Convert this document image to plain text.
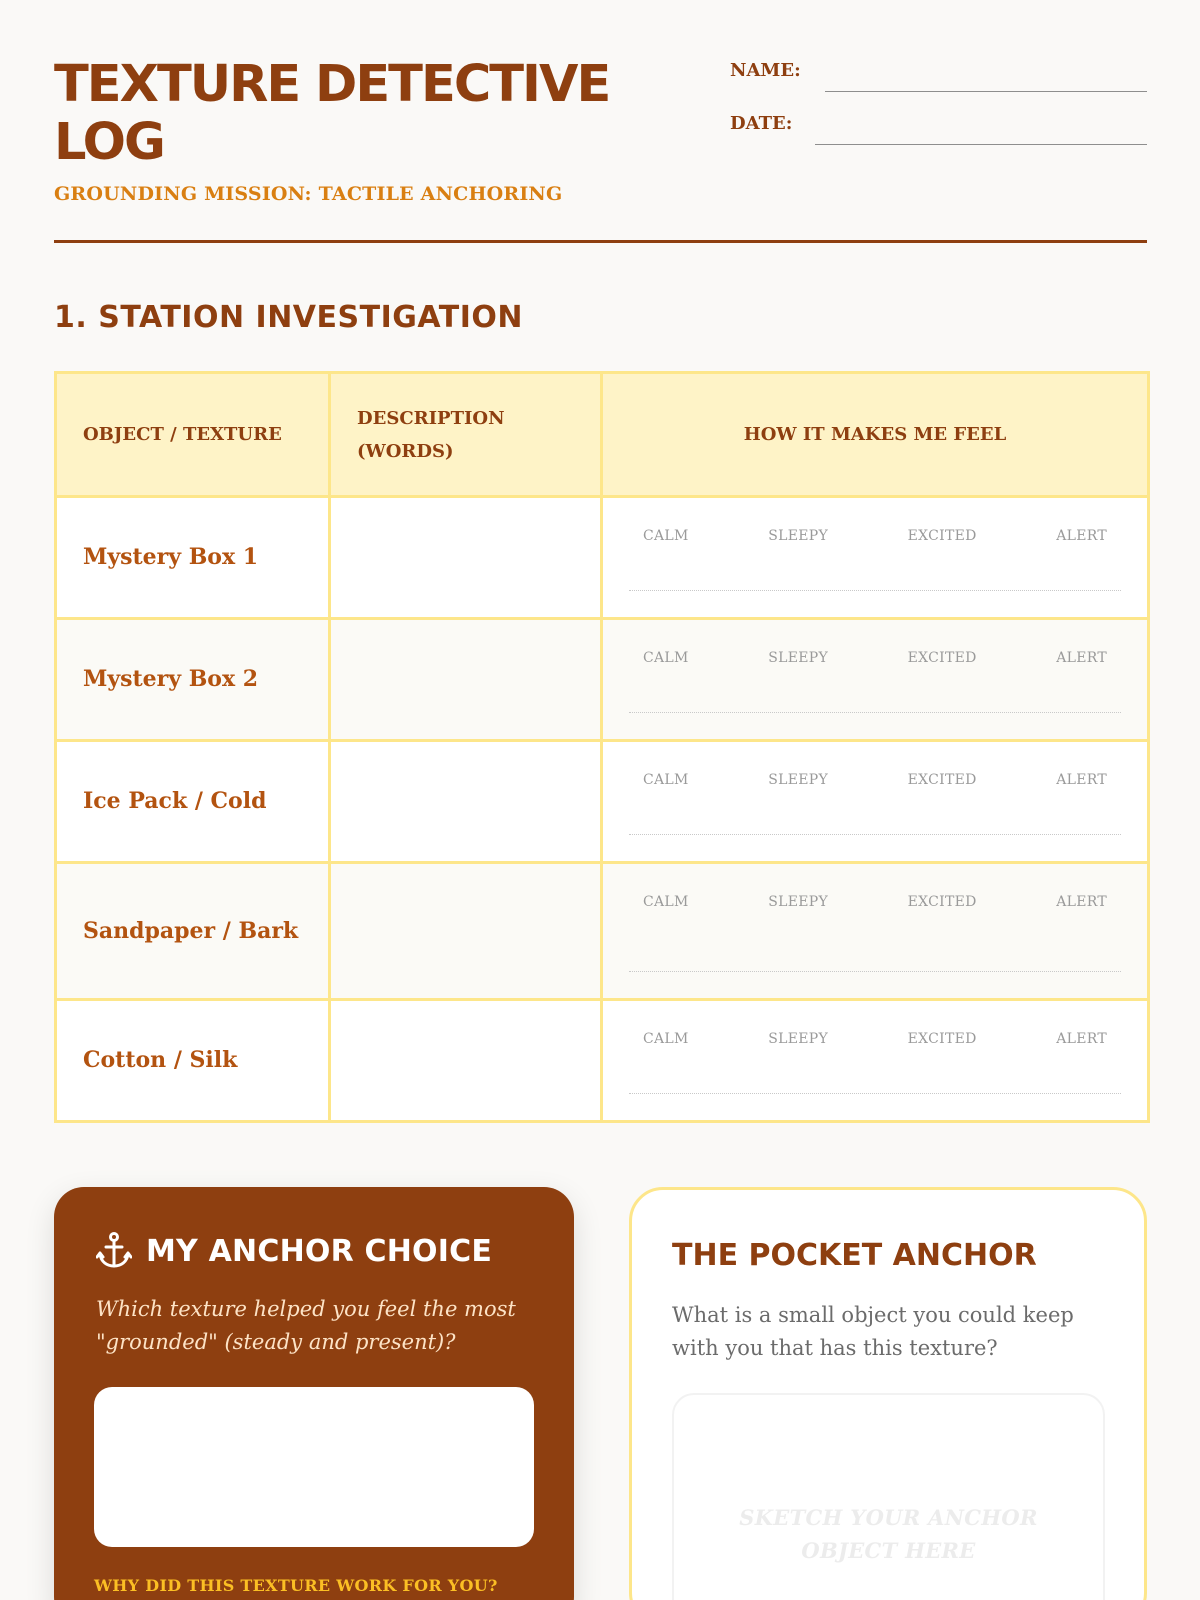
TEXTURE DETECTIVE LOG
GROUNDING MISSION: TACTILE ANCHORING
NAME:
DATE:
1. STATION INVESTIGATION
OBJECT / TEXTURE	DESCRIPTION (WORDS)	HOW IT MAKES ME FEEL
Mystery Box 1		CALM SLEEPY EXCITED ALERT

Mystery Box 2		CALM SLEEPY EXCITED ALERT

Ice Pack / Cold		CALM SLEEPY EXCITED ALERT

Sandpaper / Bark		CALM SLEEPY EXCITED ALERT

Cotton / Silk		CALM SLEEPY EXCITED ALERT
MY ANCHOR CHOICE

Which texture helped you feel the most "grounded" (steady and present)?

WHY DID THIS TEXTURE WORK FOR YOU?
THE POCKET ANCHOR

What is a small object you could keep with you that has this texture?

SKETCH YOUR ANCHOR OBJECT HERE
